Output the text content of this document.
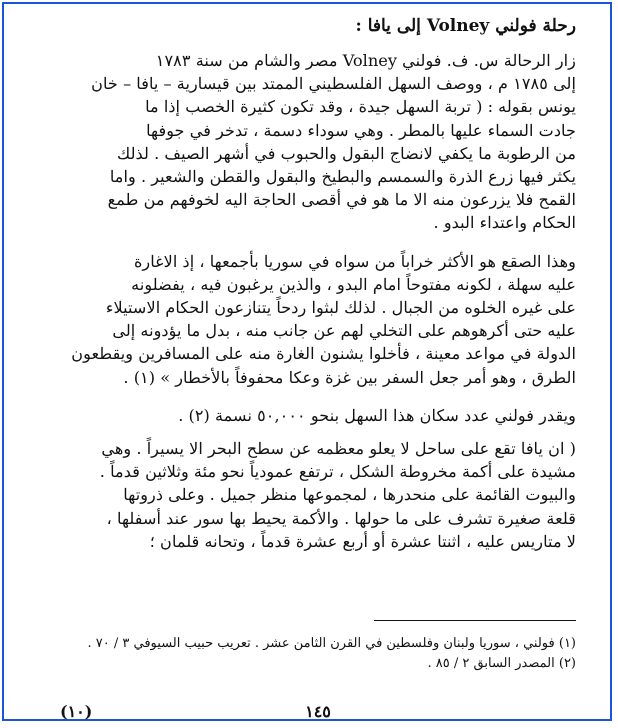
رحلة فولني Volney إلى يافا :
زار الرحالة س. ف. فولني Volney مصر والشام من سنة ١٧٨٣
إلى ١٧٨٥ م ، ووصف السهل الفلسطيني الممتد بين قيسارية – يافا – خان
يونس بقوله : ( تربة السهل جيدة ، وقد تكون كثيرة الخصب إذا ما
جادت السماء عليها بالمطر . وهي سوداء دسمة ، تدخر في جوفها
من الرطوبة ما يكفي لانضاج البقول والحبوب في أشهر الصيف . لذلك
يكثر فيها زرع الذرة والسمسم والبطيخ والبقول والقطن والشعير . واما
القمح فلا يزرعون منه الا ما هو في أقصى الحاجة اليه لخوفهم من طمع
الحكام واعتداء البدو .
وهذا الصقع هو الأكثر خراباً من سواه في سوريا بأجمعها ، إذ الاغارة
عليه سهلة ، لكونه مفتوحاً امام البدو ، والذين يرغبون فيه ، يفضلونه
على غيره الخلوه من الجبال . لذلك لبثوا ردحاً يتنازعون الحكام الاستيلاء
عليه حتى أكرهوهم على التخلي لهم عن جانب منه ، بدل ما يؤدونه إلى
الدولة في مواعد معينة ، فأخلوا يشنون الغارة منه على المسافرين ويقطعون
الطرق ، وهو أمر جعل السفر بين غزة وعكا محفوفاً بالأخطار » (١) .
ويقدر فولني عدد سكان هذا السهل بنحو ٥٠,٠٠٠ نسمة (٢) .
( ان يافا تقع على ساحل لا يعلو معظمه عن سطح البحر الا يسيراً . وهي
مشيدة على أكمة مخروطة الشكل ، ترتفع عمودياً نحو مئة وثلاثين قدماً .
والبيوت القائمة على منحدرها ، لمجموعها منظر جميل . وعلى ذروتها
قلعة صغيرة تشرف على ما حولها . والأكمة يحيط بها سور عند أسفلها ،
لا متاريس عليه ، اثنتا عشرة أو أربع عشرة قدماً ، وتحانه قلمان ؛
(١) فولني ، سوريا ولبنان وفلسطين في القرن الثامن عشر . تعريب حبيب السيوفي ٣ / ٧٠ .
(٢) المصدر السابق ٢ / ٨٥ .
١٤٥
(١٠)
